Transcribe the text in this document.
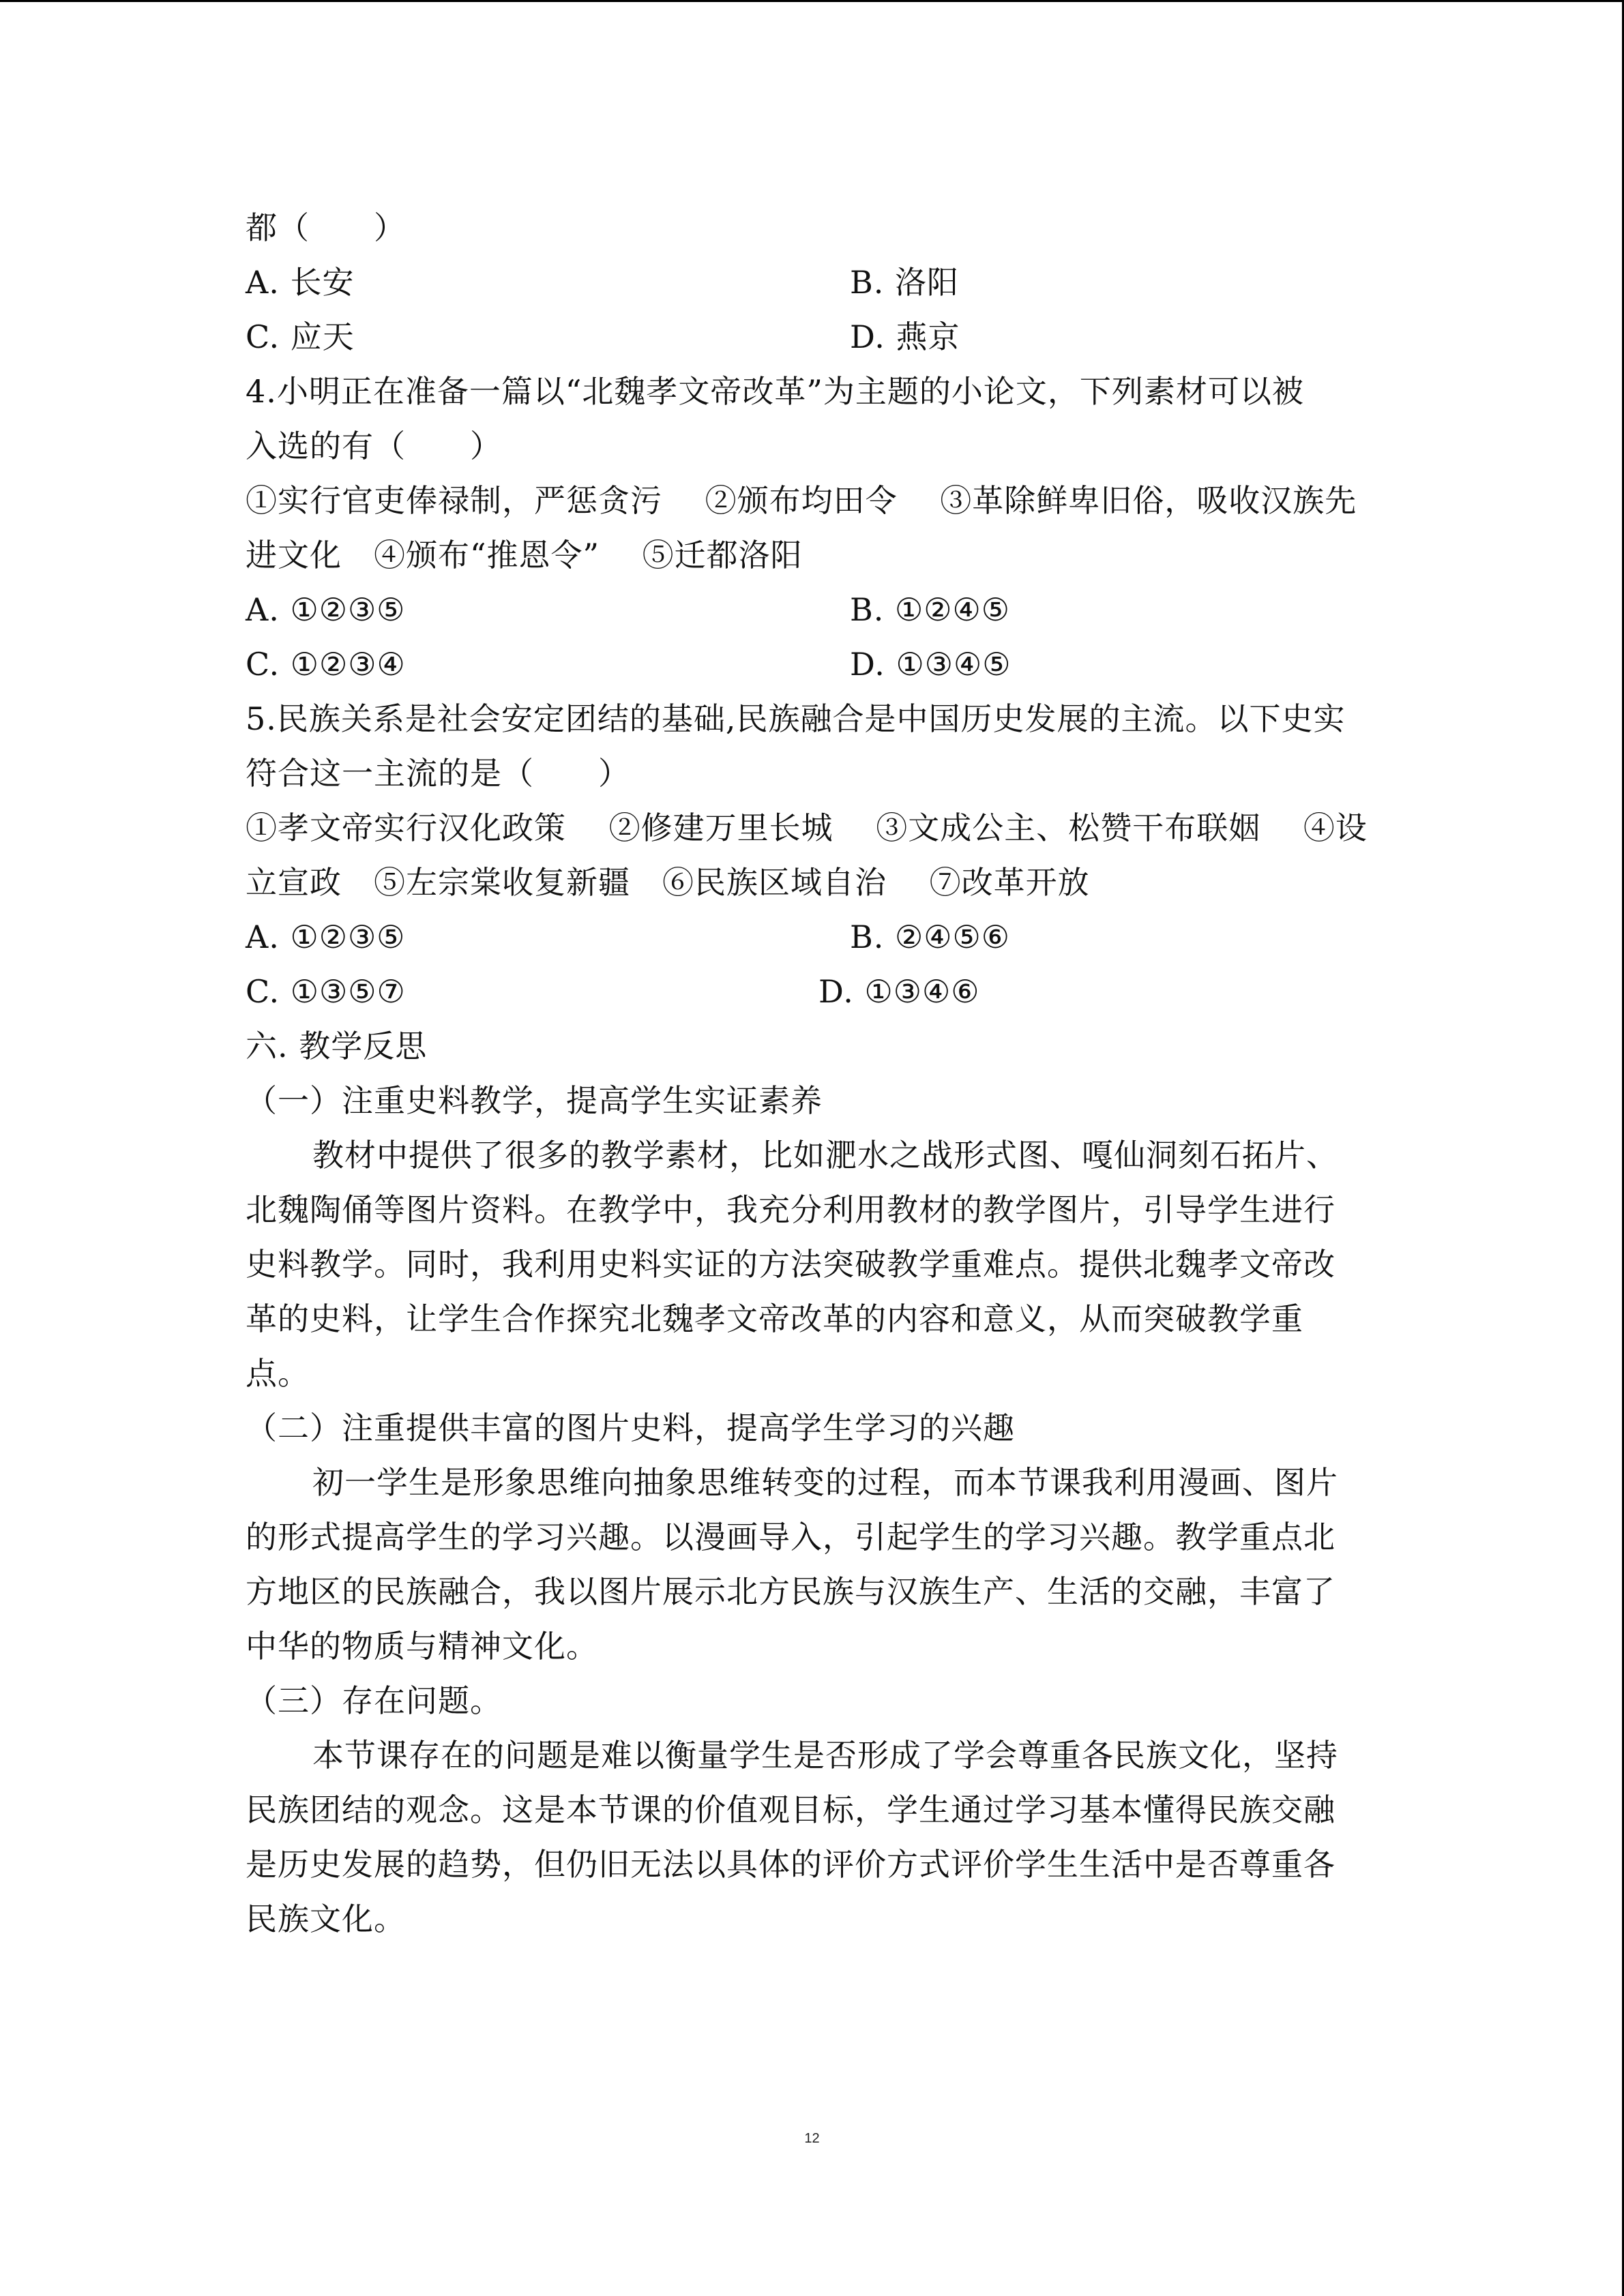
都（　　）
A. 长安	B. 洛阳
C. 应天	D. 燕京
4.小明正在准备一篇以“北魏孝文帝改革”为主题的小论文，下列素材可以被
入选的有（　　）
①实行官吏俸禄制，严惩贪污　 ②颁布均田令　 ③革除鲜卑旧俗，吸收汉族先
进文化　④颁布“推恩令”　 ⑤迁都洛阳
A. ①②③⑤	B. ①②④⑤
C. ①②③④	D. ①③④⑤
5.民族关系是社会安定团结的基础,民族融合是中国历史发展的主流。以下史实
符合这一主流的是（　　）
①孝文帝实行汉化政策　 ②修建万里长城　 ③文成公主、松赞干布联姻　 ④设
立宣政　⑤左宗棠收复新疆　⑥民族区域自治　 ⑦改革开放
A. ①②③⑤	B. ②④⑤⑥
C. ①③⑤⑦	D. ①③④⑥
六. 教学反思
（一）注重史料教学，提高学生实证素养
教材中提供了很多的教学素材，比如淝水之战形式图、嘎仙洞刻石拓片、
北魏陶俑等图片资料。在教学中，我充分利用教材的教学图片，引导学生进行
史料教学。同时，我利用史料实证的方法突破教学重难点。提供北魏孝文帝改
革的史料，让学生合作探究北魏孝文帝改革的内容和意义，从而突破教学重
点。
（二）注重提供丰富的图片史料，提高学生学习的兴趣
初一学生是形象思维向抽象思维转变的过程，而本节课我利用漫画、图片
的形式提高学生的学习兴趣。以漫画导入，引起学生的学习兴趣。教学重点北
方地区的民族融合，我以图片展示北方民族与汉族生产、生活的交融，丰富了
中华的物质与精神文化。
（三）存在问题。
本节课存在的问题是难以衡量学生是否形成了学会尊重各民族文化，坚持
民族团结的观念。这是本节课的价值观目标，学生通过学习基本懂得民族交融
是历史发展的趋势，但仍旧无法以具体的评价方式评价学生生活中是否尊重各
民族文化。
12
